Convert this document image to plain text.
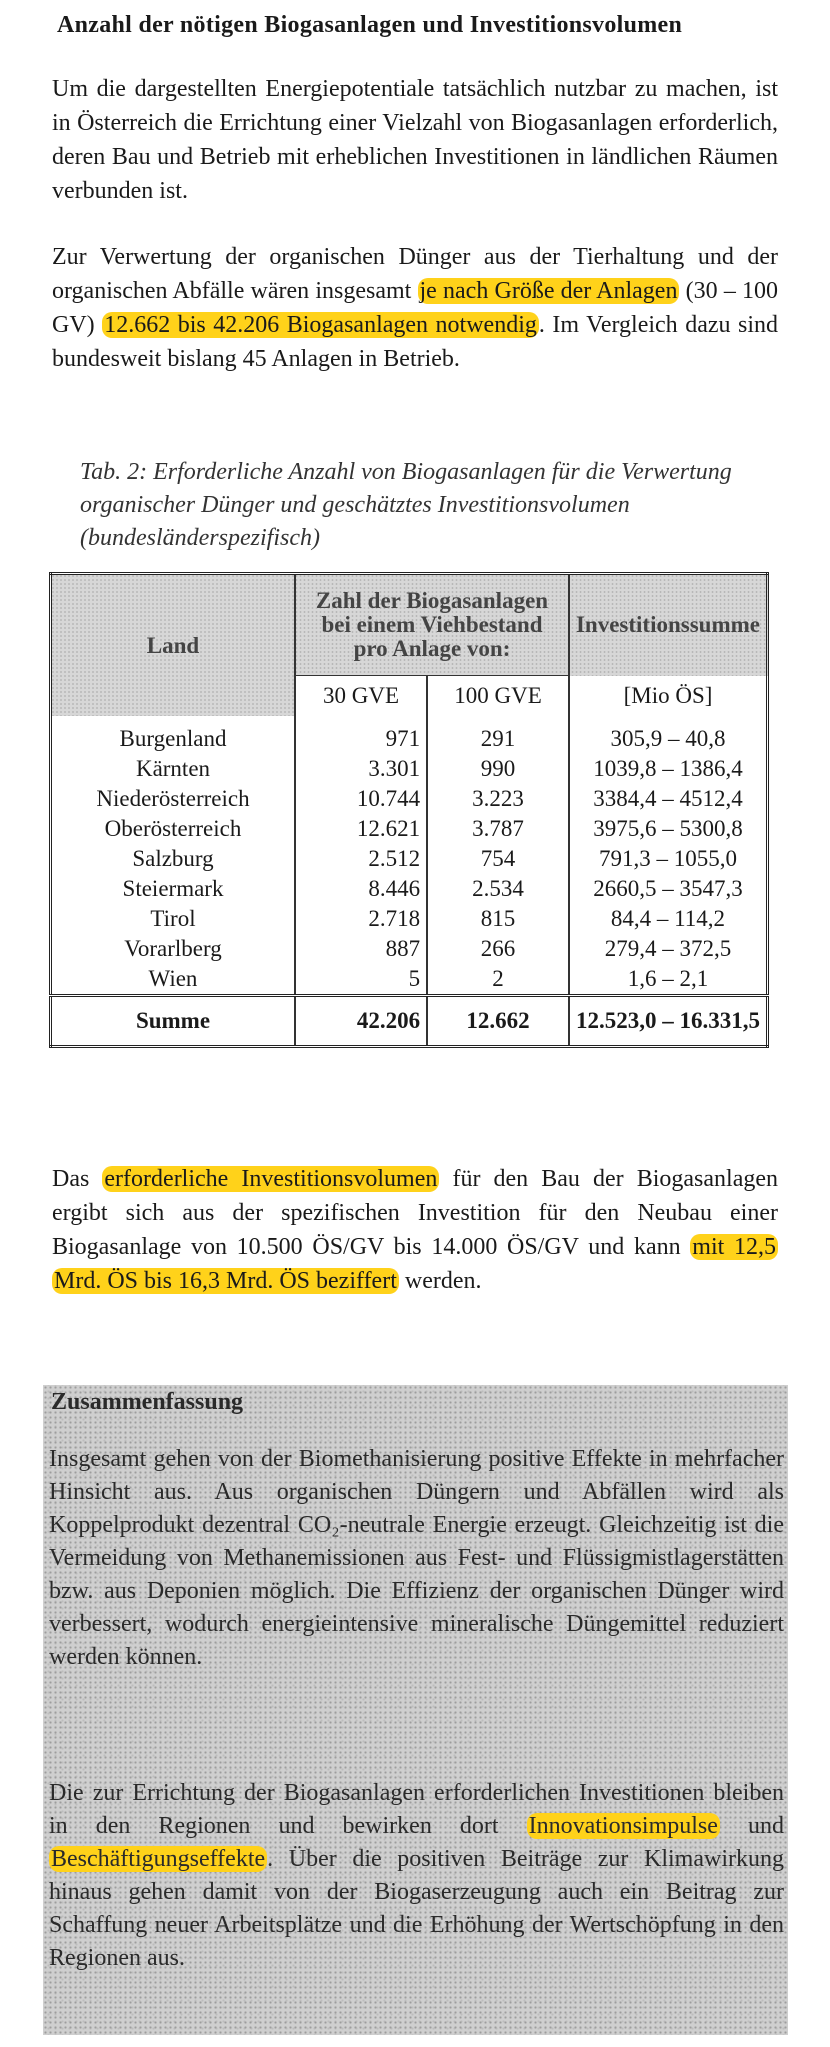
Anzahl der nötigen Biogasanlagen und Investitionsvolumen
Um die dargestellten Energiepotentiale tatsächlich nutzbar zu machen, ist in Österreich die Errichtung einer Vielzahl von Biogasanlagen erforderlich, deren Bau und Betrieb mit erheblichen Investitionen in ländlichen Räumen verbunden ist.
Zur Verwertung der organischen Dünger aus der Tierhaltung und der organischen Abfälle wären insgesamt je nach Größe der Anlagen (30 – 100 GV) 12.662 bis 42.206 Biogasanlagen notwendig. Im Vergleich dazu sind bundesweit bislang 45 Anlagen in Betrieb.
Tab. 2: Erforderliche Anzahl von Biogasanlagen für die Verwertung organischer Dünger und geschätztes Investitionsvolumen (bundesländerspezifisch)
Land	Zahl der Biogasanlagen bei einem Viehbestand pro Anlage von:		Investitionssumme
	30 GVE	100 GVE	[Mio ÖS]
Burgenland	971	291	305,9 – 40,8
Kärnten	3.301	990	1039,8 – 1386,4
Niederösterreich	10.744	3.223	3384,4 – 4512,4
Oberösterreich	12.621	3.787	3975,6 – 5300,8
Salzburg	2.512	754	791,3 – 1055,0
Steiermark	8.446	2.534	2660,5 – 3547,3
Tirol	2.718	815	84,4 – 114,2
Vorarlberg	887	266	279,4 – 372,5
Wien	5	2	1,6 – 2,1
Summe	42.206	12.662	12.523,0 – 16.331,5
Das erforderliche Investitionsvolumen für den Bau der Biogasanlagen ergibt sich aus der spezifischen Investition für den Neubau einer Biogasanlage von 10.500 ÖS/GV bis 14.000 ÖS/GV und kann mit 12,5 Mrd. ÖS bis 16,3 Mrd. ÖS beziffert werden.
Zusammenfassung
Insgesamt gehen von der Biomethanisierung positive Effekte in mehrfacher Hinsicht aus. Aus organischen Düngern und Abfällen wird als Koppelprodukt dezentral CO₂-neutrale Energie erzeugt. Gleichzeitig ist die Vermeidung von Methanemissionen aus Fest- und Flüssigmistlagerstätten bzw. aus Deponien möglich. Die Effizienz der organischen Dünger wird verbessert, wodurch energieintensive mineralische Düngemittel reduziert werden können.
Die zur Errichtung der Biogasanlagen erforderlichen Investitionen bleiben in den Regionen und bewirken dort Innovationsimpulse und Beschäftigungseffekte. Über die positiven Beiträge zur Klimawirkung hinaus gehen damit von der Biogaserzeugung auch ein Beitrag zur Schaffung neuer Arbeitsplätze und die Erhöhung der Wertschöpfung in den Regionen aus.
